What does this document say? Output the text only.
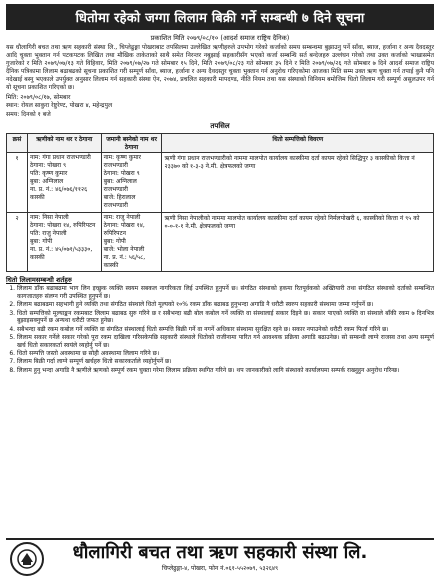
धितोमा रहेको जग्गा लिलाम बिक्री गर्ने सम्बन्धी ७ दिने सूचना
प्रकाशित मिति २०७९/०८/१० (आदर्श समाज राष्ट्रिय दैनिक)

यस धौलागिरी बचत तथा ऋण सहकारी संस्था लि., चिप्लेढुङ्गा पोखराबाट तपसिलमा उल्लेखित ऋणीहरुले उपभोग गरेको कर्जाको समय सम्बन्धमा बुझाउनु पर्ने साँवा, ब्याज, हर्जाना र अन्य दैवदस्तुर आदि चुक्ता भुक्तान गर्न पटकपटक लिखित तथा मौखिक ताकेताको साथै समेत निरन्तर नबुझाई सहकारीसँग भएको कर्जा सम्बन्धि सर्त बन्देजहरु उल्लंघन गरेको तथा उक्त कर्जाको भाखासमेत गुजारेको र मिति २०७९/०७/१३ गते विहिवार, मिति २०७९/०७/२७ गते सोमबार १५ दिने, मिति २०७९/०८/२३ गते सोमबार ३५ दिने र मिति २०७९/०७/२६ गते सोमबार ७ दिने आदर्श समाज राष्ट्रिय दैनिक पत्रिकामा लिलाम बढाबढको सूचना प्रकाशित गरी सम्पूर्ण साँवा, ब्याज, हर्जाना र अन्य दैवदस्तुर चुक्ता भुक्तान गर्न अनुरोध गरिएकोमा आजका मिति सम्म उक्त ऋण चुक्ता गर्न तपाई कुनै पनि नदेखाई बस्नु भएकाले उपर्युक्त अनुसार लिलाम गर्न सहकारी संस्था ऐन, २०७४, प्रचलित सहकारी मापदण्ड, नीति नियम तथा यस संस्थाको विनियम बमोजिम धितो लिलाम गरी सम्पूर्ण असुलउपर गर्न यो सूचना प्रकाशित गरिएको छ।

मिति: २०७९/०८/१७, सोमबार

स्थान: रोयल साकुरा रेष्टुरेण्ट, पोखरा ४, महेन्द्रपुल

समय: दिनको १ बजे

तपसिल
क्रसं	ऋणीको नाम थर र ठेगाना	जमानी बस्नेको नाम थर ठेगाना	धितो सम्पत्तिको विवरण
१	नाम: गंगा प्रधान राजभण्डारी
ठेगाना: पोखरा ९
पति: कृष्ण कुमार
बुबा: अग्निलाल
ना. प्र. नं.: ४६/०७६/११२६ कास्की	नाम: कृष्ण कुमार राजभण्डारी
ठेगाना: पोखरा ९
बुबा: अग्निलाल राजभण्डारी
बाजे: हिरालाल राजभण्डारी	ऋणी गंगा प्रधान राजभण्डारीको नाममा मालपोत कार्यालय कास्कीमा दर्ता कायम रहेको सिद्धिपुर ३ कास्कीको कित्ता नं २३३७० को १-३-३ ने.मी. क्षेत्रफलको जग्गा
२	नाम: निसा नेपाली
ठेगाना: पोखरा १४, रुपिरिपटन
पति: राजु नेपाली
बुबा: गोपी
ना. प्र. नं.: ४५/०७१/५३३३०, कास्की	नाम: राजु नेपाली
ठेगाना: पोखरा १४, रुपिरिपटन
बुबा: गोपी
बाजे: भोला नेपाली
ना. प्र. नं.: ५६/५८, कास्की	ऋणी निसा नेपालीको नाममा मालपोत कार्यालय कास्कीमा दर्ता कायम रहेको निर्मलपोखरी ६, कास्कीको कित्ता नं ९५ को ०-०-१-१ ने.मी. क्षेत्रफलको जग्गा
धितो लिलामसम्बन्धी शर्तहरु
1. लिलाम डाँक बढाबढमा भाग लिन इच्छुक व्यक्ति स्वयम सबकल नागरिकता लिई उपस्थित हुनुपर्ने छ। संगठित संस्थाको हकमा रितपूर्वकको अख्तियारी तथा संगठित संस्थाको दर्ताको सम्बन्धित कागजातहरु संलग्न गरी उपस्थित हुनुपर्ने छ।
2. लिलाम बढाबढमा सहभागी हुने व्यक्ति तथा संगठित संस्थाले धितो मूल्यको १०% रकम डाँक बढाबढ हुनुभन्दा अगाडि नै धरौटी स्वरुप सहकारी संस्थामा जम्मा गर्नुपर्ने छ।
3. धितो सम्पत्तिको मूल्याङ्कन रकमबाट लिलाम बढाबढ सुरु गरिने छ र सबैभन्दा बढी बोल कबोल गर्ने व्यक्ति वा संस्थालाई सकार दिइने छ। सकार पाएको व्यक्ति वा संस्थाले बाँकी रकम ७ दिनभित्र बुझाइसक्नुपर्ने छ अन्यथा धरौटी जफत हुनेछ।
4. सबैभन्दा बढी रकम कबोल गर्ने व्यक्ति वा संगठित संस्थालाई धितो सम्पत्ति बिक्री गर्ने वा नगर्ने अधिकार संस्थामा सुरक्षित रहने छ। सकार नपाउनेको धरौटी रकम फिर्ता गरिने छ।
5. लिलाम सकार गर्नेले सकार गरेको पूरा रकम दाखिला गरिसकेपछि सहकारी संस्थाले धितोको राजीनामा पारित गर्न आवश्यक प्रक्रिया अगाडि बढाउनेछ। सो सम्बन्धी लाग्ने राजस्व तथा अन्य सम्पूर्ण खर्च धितो सकारकर्ता स्वयंले व्यहोर्नु पर्ने छ।
6. धितो सम्पत्ति जस्तो अवस्थामा छ सोही अवस्थामा लिलाम गरिने छ।
7. लिलाम बिक्री गर्दा लाग्ने सम्पूर्ण खर्चहरु धितो सकारकर्ताले व्यहोर्नुपर्ने छ।
8. लिलाम हुनु भन्दा अगाडि नै ऋणीले ऋणको सम्पूर्ण रकम चुक्ता गरेमा लिलाम प्रक्रिया स्थगित गरिने छ। थप जानकारीको लागि संस्थाको कार्यालयमा सम्पर्क राख्नुहुन अनुरोध गरिन्छ।
धौलागिरी बचत तथा ऋण सहकारी संस्था लि.
चिप्लेढुङ्गा-४, पोखरा, फोन नं.०६१-५५२०७९, ५३२६४९
